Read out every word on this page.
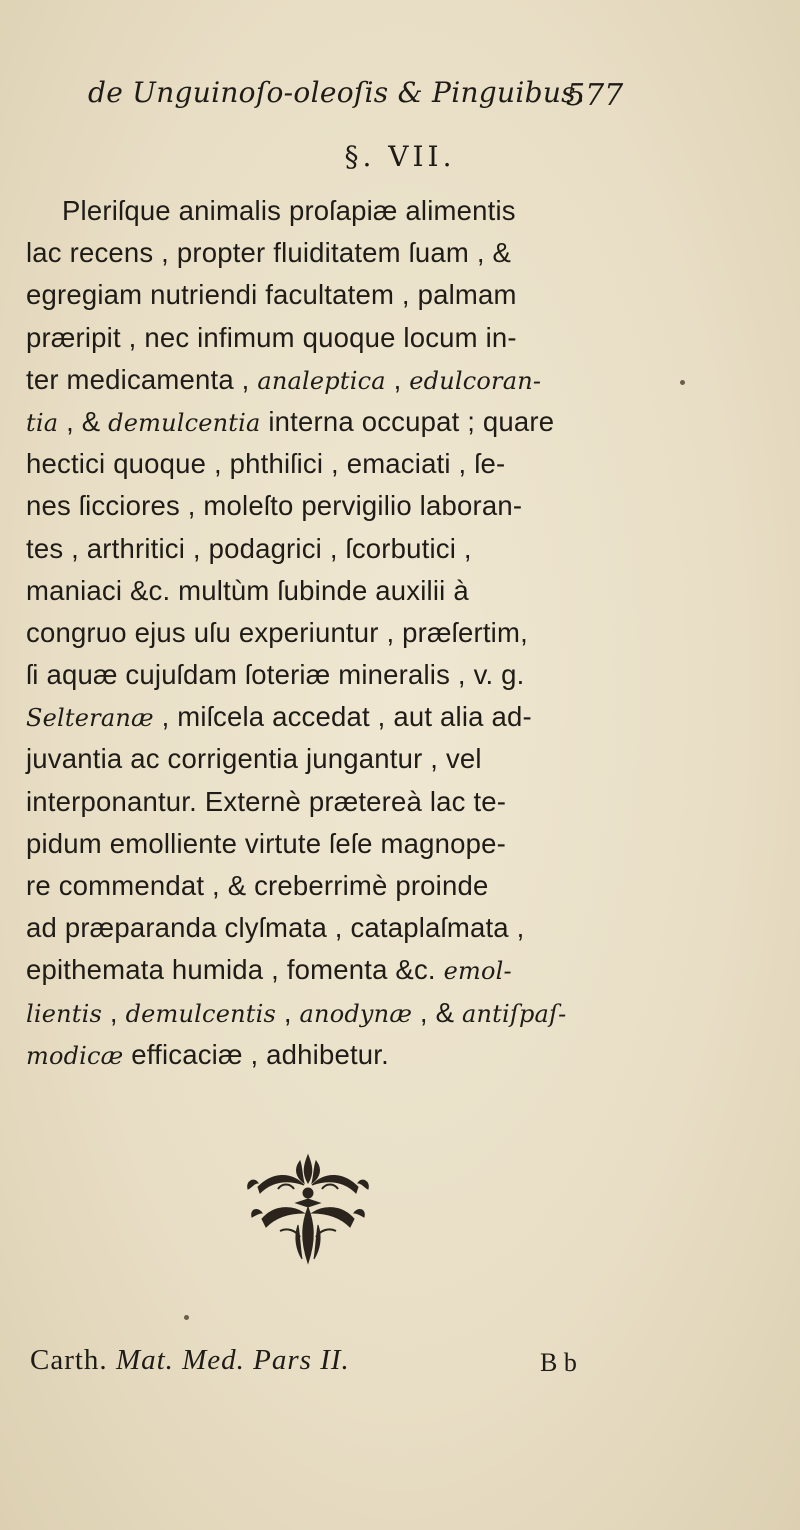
de Unguinoſo-oleoſis & Pinguibus.
577
§. VII.
Pleriſque animalis proſapiæ alimentis
lac recens , propter fluiditatem ſuam , &
egregiam nutriendi facultatem , palmam
præripit , nec infimum quoque locum in-
ter medicamenta , analeptica , edulcoran-
tia , & demulcentia interna occupat ; quare
hectici quoque , phthiſici , emaciati , ſe-
nes ſicciores , moleſto pervigilio laboran-
tes , arthritici , podagrici , ſcorbutici ,
maniaci &c. multùm ſubinde auxilii à
congruo ejus uſu experiuntur , præſertim,
ſi aquæ cujuſdam ſoteriæ mineralis , v. g.
Selteranæ , miſcela accedat , aut alia ad-
juvantia ac corrigentia jungantur , vel
interponantur. Externè prætereà lac te-
pidum emolliente virtute ſeſe magnope-
re commendat , & creberrimè proinde
ad præparanda clyſmata , cataplaſmata ,
epithemata humida , fomenta &c. emol-
lientis , demulcentis , anodynæ , & antiſpaſ-
modicæ efficaciæ , adhibetur.
Carth. Mat. Med. Pars II.	B b
